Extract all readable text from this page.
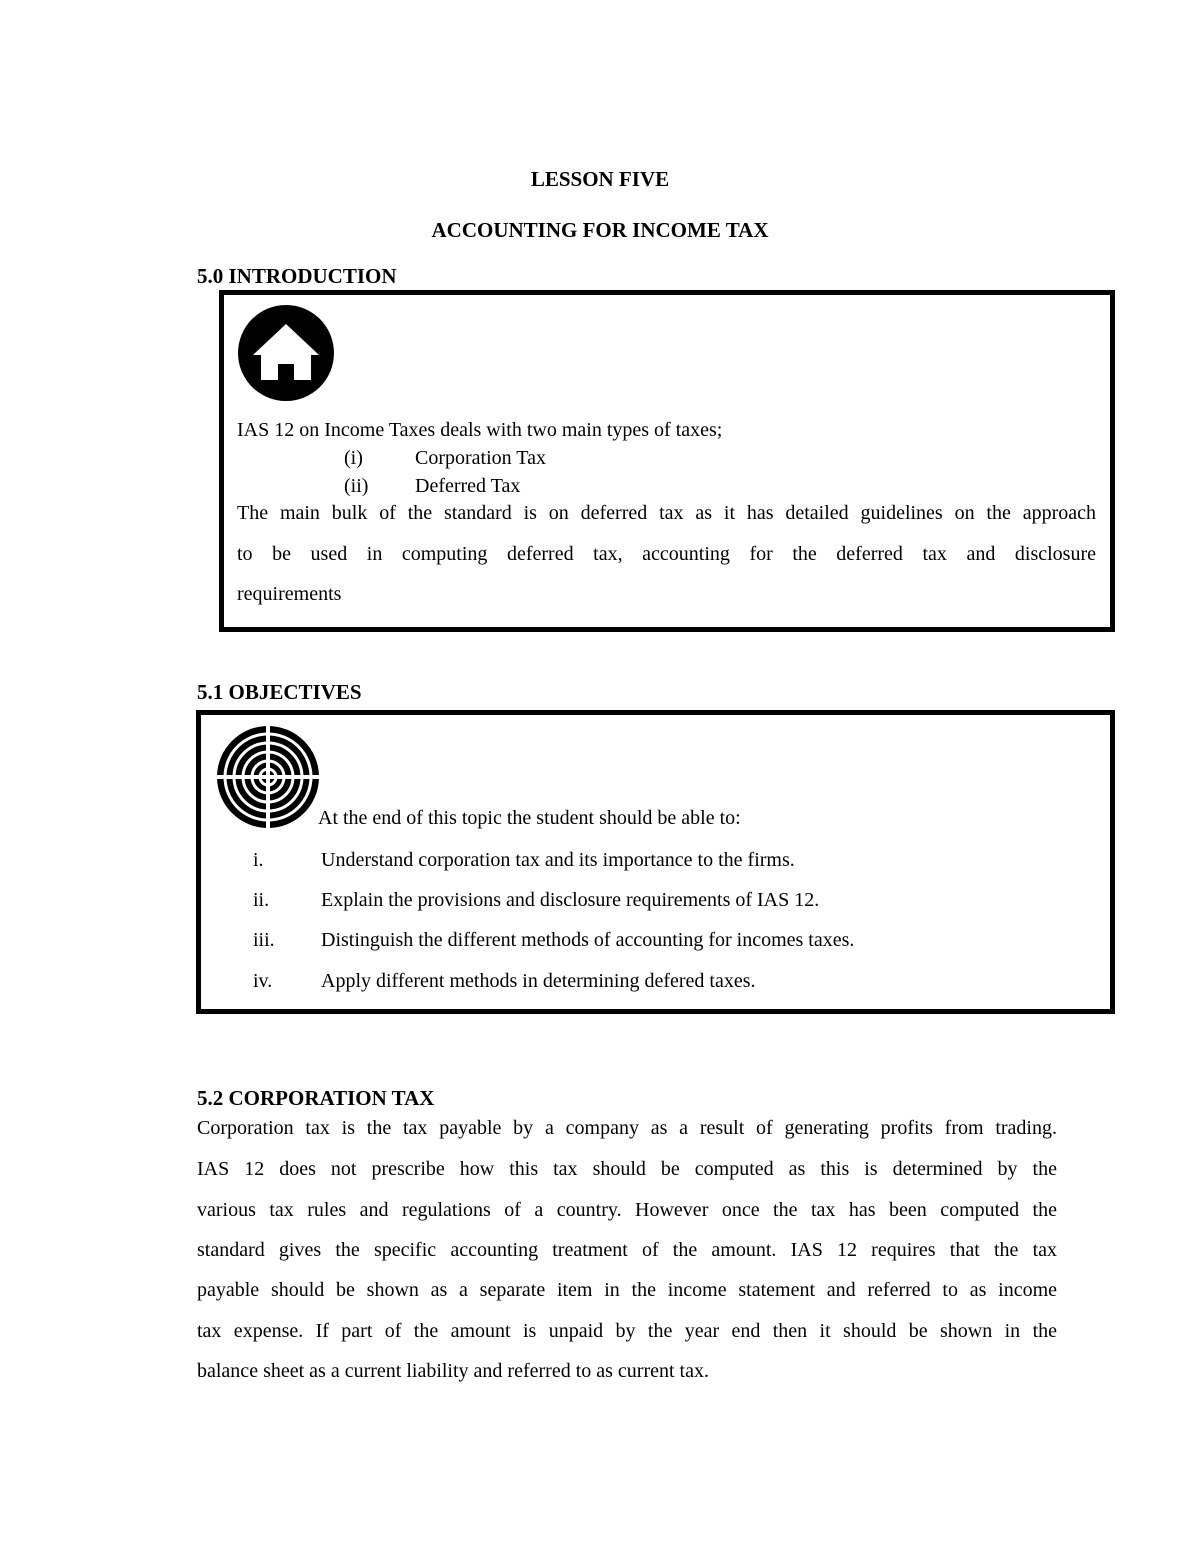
LESSON FIVE
ACCOUNTING FOR INCOME TAX
5.0 INTRODUCTION
IAS 12 on Income Taxes deals with two main types of taxes;
(i)	Corporation Tax
(ii) Deferred Tax
The main bulk of the standard is on deferred tax as it has detailed guidelines on the approach
to be used in computing deferred tax, accounting for the deferred tax and disclosure
requirements
5.1 OBJECTIVES
At the end of this topic the student should be able to:
i.	Understand corporation tax and its importance to the firms.
ii.	Explain the provisions and disclosure requirements of IAS 12.
iii. Distinguish the different methods of accounting for incomes taxes.
iv. Apply different methods in determining defered taxes.
5.2 CORPORATION TAX
Corporation tax is the tax payable by a company as a result of generating profits from trading.
IAS 12 does not prescribe how this tax should be computed as this is determined by the
various tax rules and regulations of a country. However once the tax has been computed the
standard gives the specific accounting treatment of the amount. IAS 12 requires that the tax
payable should be shown as a separate item in the income statement and referred to as income
tax expense. If part of the amount is unpaid by the year end then it should be shown in the
balance sheet as a current liability and referred to as current tax.
